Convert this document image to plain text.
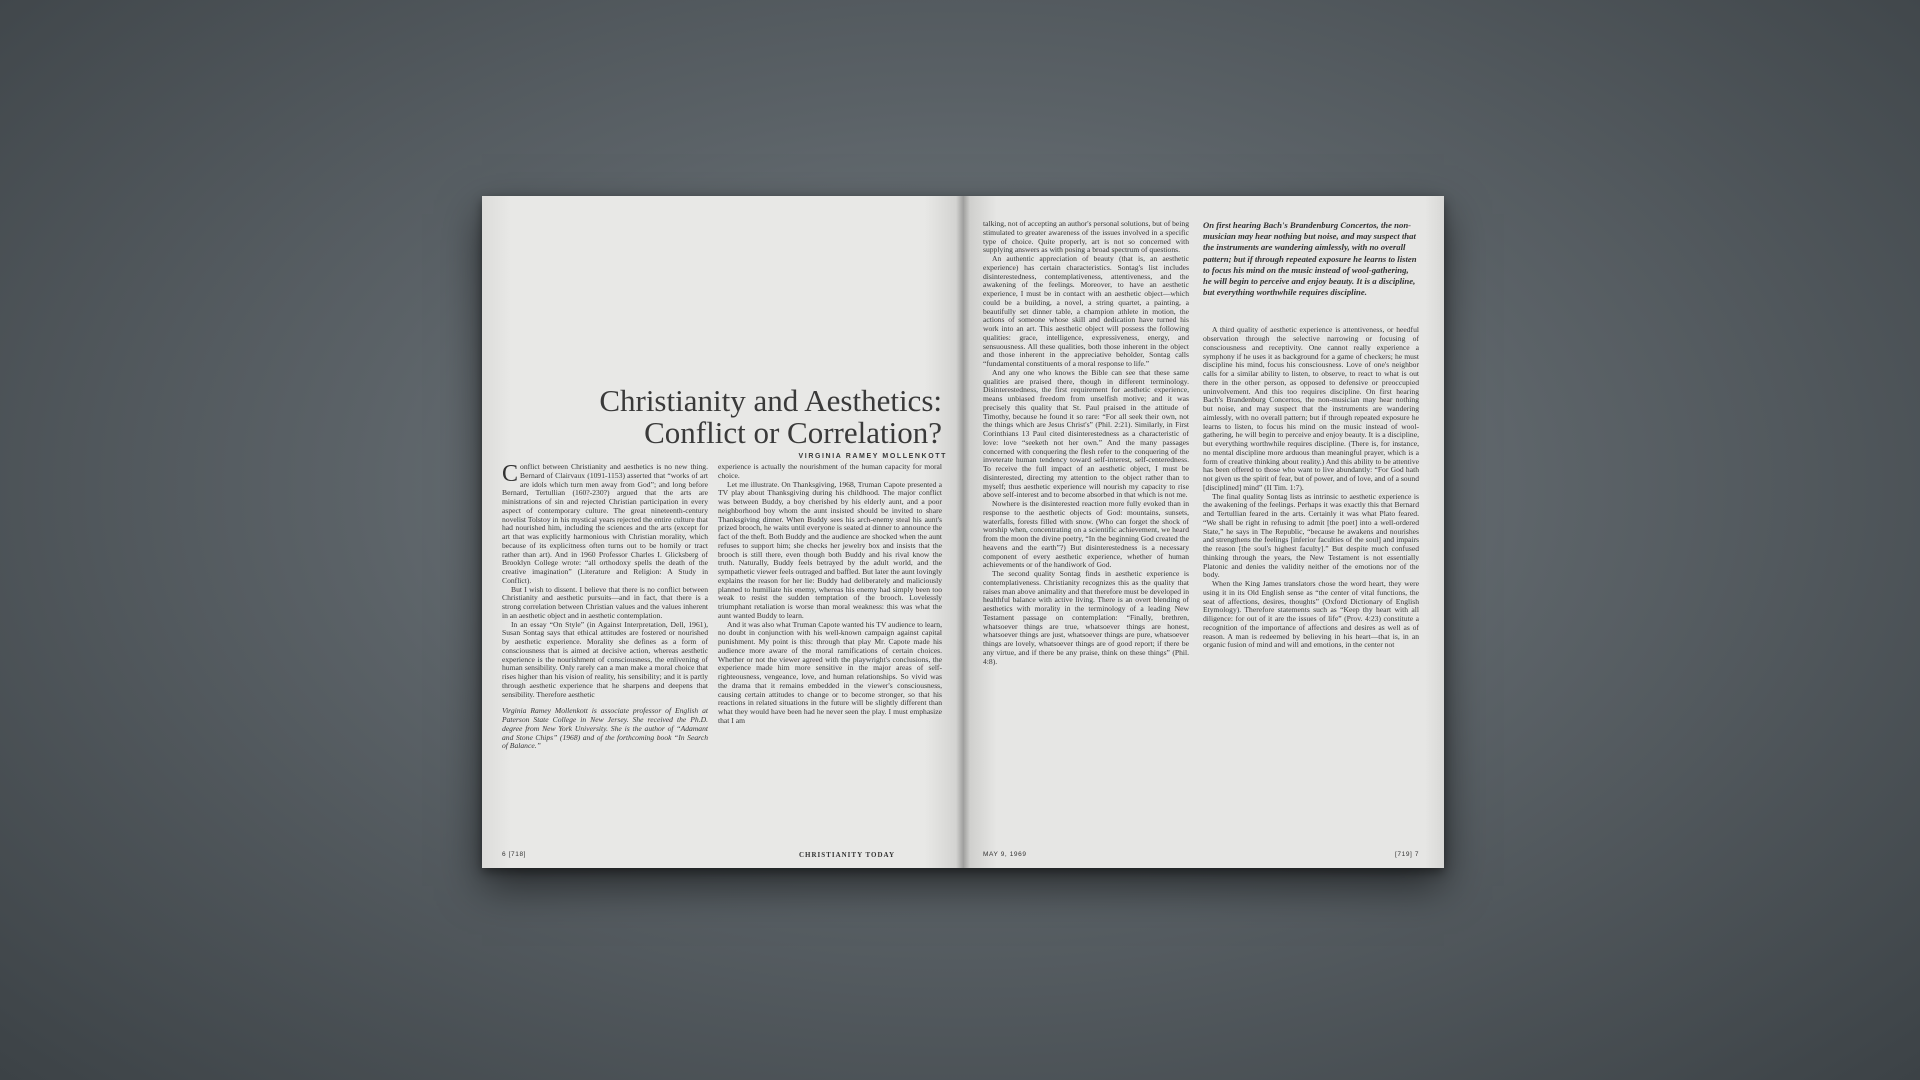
Christianity and Aesthetics:
Conflict or Correlation?
VIRGINIA RAMEY MOLLENKOTT

Conflict between Christianity and aesthetics is no new thing. Bernard of Clairvaux (1091-1153) asserted that “works of art are idols which turn men away from God”; and long before Bernard, Tertullian (160?-230?) argued that the arts are ministrations of sin and rejected Christian participation in every aspect of contemporary culture. The great nineteenth-century novelist Tolstoy in his mystical years rejected the entire culture that had nourished him, including the sciences and the arts (except for art that was explicitly harmonious with Christian morality, which because of its explicitness often turns out to be homily or tract rather than art). And in 1960 Professor Charles I. Glicksberg of Brooklyn College wrote: “all orthodoxy spells the death of the creative imagination” (Literature and Religion: A Study in Conflict).

But I wish to dissent. I believe that there is no conflict between Christianity and aesthetic pursuits—and in fact, that there is a strong correlation between Christian values and the values inherent in an aesthetic object and in aesthetic contemplation.

In an essay “On Style” (in Against Interpretation, Dell, 1961), Susan Sontag says that ethical attitudes are fostered or nourished by aesthetic experience. Morality she defines as a form of consciousness that is aimed at decisive action, whereas aesthetic experience is the nourishment of consciousness, the enlivening of human sensibility. Only rarely can a man make a moral choice that rises higher than his vision of reality, his sensibility; and it is partly through aesthetic experience that he sharpens and deepens that sensibility. Therefore aesthetic

Virginia Ramey Mollenkott is associate professor of English at Paterson State College in New Jersey. She received the Ph.D. degree from New York University. She is the author of “Adamant and Stone Chips” (1968) and of the forthcoming book “In Search of Balance.”

experience is actually the nourishment of the human capacity for moral choice.

Let me illustrate. On Thanksgiving, 1968, Truman Capote presented a TV play about Thanksgiving during his childhood. The major conflict was between Buddy, a boy cherished by his elderly aunt, and a poor neighborhood boy whom the aunt insisted should be invited to share Thanksgiving dinner. When Buddy sees his arch-enemy steal his aunt's prized brooch, he waits until everyone is seated at dinner to announce the fact of the theft. Both Buddy and the audience are shocked when the aunt refuses to support him; she checks her jewelry box and insists that the brooch is still there, even though both Buddy and his rival know the truth. Naturally, Buddy feels betrayed by the adult world, and the sympathetic viewer feels outraged and baffled. But later the aunt lovingly explains the reason for her lie: Buddy had deliberately and maliciously planned to humiliate his enemy, whereas his enemy had simply been too weak to resist the sudden temptation of the brooch. Lovelessly triumphant retaliation is worse than moral weakness: this was what the aunt wanted Buddy to learn.

And it was also what Truman Capote wanted his TV audience to learn, no doubt in conjunction with his well-known campaign against capital punishment. My point is this: through that play Mr. Capote made his audience more aware of the moral ramifications of certain choices. Whether or not the viewer agreed with the playwright's conclusions, the experience made him more sensitive in the major areas of self-righteousness, vengeance, love, and human relationships. So vivid was the drama that it remains embedded in the viewer's consciousness, causing certain attitudes to change or to become stronger, so that his reactions in related situations in the future will be slightly different than what they would have been had he never seen the play. I must emphasize that I am

6 [718]	CHRISTIANITY TODAY

talking, not of accepting an author's personal solutions, but of being stimulated to greater awareness of the issues involved in a specific type of choice. Quite properly, art is not so concerned with supplying answers as with posing a broad spectrum of questions.

An authentic appreciation of beauty (that is, an aesthetic experience) has certain characteristics. Sontag's list includes disinterestedness, contemplativeness, attentiveness, and the awakening of the feelings. Moreover, to have an aesthetic experience, I must be in contact with an aesthetic object—which could be a building, a novel, a string quartet, a painting, a beautifully set dinner table, a champion athlete in motion, the actions of someone whose skill and dedication have turned his work into an art. This aesthetic object will possess the following qualities: grace, intelligence, expressiveness, energy, and sensuousness. All these qualities, both those inherent in the object and those inherent in the appreciative beholder, Sontag calls “fundamental constituents of a moral response to life.”

And any one who knows the Bible can see that these same qualities are praised there, though in different terminology. Disinterestedness, the first requirement for aesthetic experience, means unbiased freedom from unselfish motive; and it was precisely this quality that St. Paul praised in the attitude of Timothy, because he found it so rare: “For all seek their own, not the things which are Jesus Christ's” (Phil. 2:21). Similarly, in First Corinthians 13 Paul cited disinterestedness as a characteristic of love: love “seeketh not her own.” And the many passages concerned with conquering the flesh refer to the conquering of the inveterate human tendency toward self-interest, self-centeredness. To receive the full impact of an aesthetic object, I must be disinterested, directing my attention to the object rather than to myself; thus aesthetic experience will nourish my capacity to rise above self-interest and to become absorbed in that which is not me.

Nowhere is the disinterested reaction more fully evoked than in response to the aesthetic objects of God: mountains, sunsets, waterfalls, forests filled with snow. (Who can forget the shock of worship when, concentrating on a scientific achievement, we heard from the moon the divine poetry, “In the beginning God created the heavens and the earth”?) But disinterestedness is a necessary component of every aesthetic experience, whether of human achievements or of the handiwork of God.

The second quality Sontag finds in aesthetic experience is contemplativeness. Christianity recognizes this as the quality that raises man above animality and that therefore must be developed in healthful balance with active living. There is an overt blending of aesthetics with morality in the terminology of a leading New Testament passage on contemplation: “Finally, brethren, whatsoever things are true, whatsoever things are honest, whatsoever things are just, whatsoever things are pure, whatsoever things are lovely, whatsoever things are of good report; if there be any virtue, and if there be any praise, think on these things” (Phil. 4:8).

On first hearing Bach's Brandenburg Concertos, the non-musician may hear nothing but noise, and may suspect that the instruments are wandering aimlessly, with no overall pattern; but if through repeated exposure he learns to listen to focus his mind on the music instead of wool-gathering, he will begin to perceive and enjoy beauty. It is a discipline, but everything worthwhile requires discipline.

A third quality of aesthetic experience is attentiveness, or heedful observation through the selective narrowing or focusing of consciousness and receptivity. One cannot really experience a symphony if he uses it as background for a game of checkers; he must discipline his mind, focus his consciousness. Love of one's neighbor calls for a similar ability to listen, to observe, to react to what is out there in the other person, as opposed to defensive or preoccupied uninvolvement. And this too requires discipline. On first hearing Bach's Brandenburg Concertos, the non-musician may hear nothing but noise, and may suspect that the instruments are wandering aimlessly, with no overall pattern; but if through repeated exposure he learns to listen, to focus his mind on the music instead of wool-gathering, he will begin to perceive and enjoy beauty. It is a discipline, but everything worthwhile requires discipline. (There is, for instance, no mental discipline more arduous than meaningful prayer, which is a form of creative thinking about reality.) And this ability to be attentive has been offered to those who want to live abundantly: “For God hath not given us the spirit of fear, but of power, and of love, and of a sound [disciplined] mind” (II Tim. 1:7).

The final quality Sontag lists as intrinsic to aesthetic experience is the awakening of the feelings. Perhaps it was exactly this that Bernard and Tertullian feared in the arts. Certainly it was what Plato feared. “We shall be right in refusing to admit [the poet] into a well-ordered State,” he says in The Republic, “because he awakens and nourishes and strengthens the feelings [inferior faculties of the soul] and impairs the reason [the soul's highest faculty].” But despite much confused thinking through the years, the New Testament is not essentially Platonic and denies the validity neither of the emotions nor of the body.

When the King James translators chose the word heart, they were using it in its Old English sense as “the center of vital functions, the seat of affections, desires, thoughts” (Oxford Dictionary of English Etymology). Therefore statements such as “Keep thy heart with all diligence: for out of it are the issues of life” (Prov. 4:23) constitute a recognition of the importance of affections and desires as well as of reason. A man is redeemed by believing in his heart—that is, in an organic fusion of mind and will and emotions, in the center not

MAY 9, 1969	[719] 7
